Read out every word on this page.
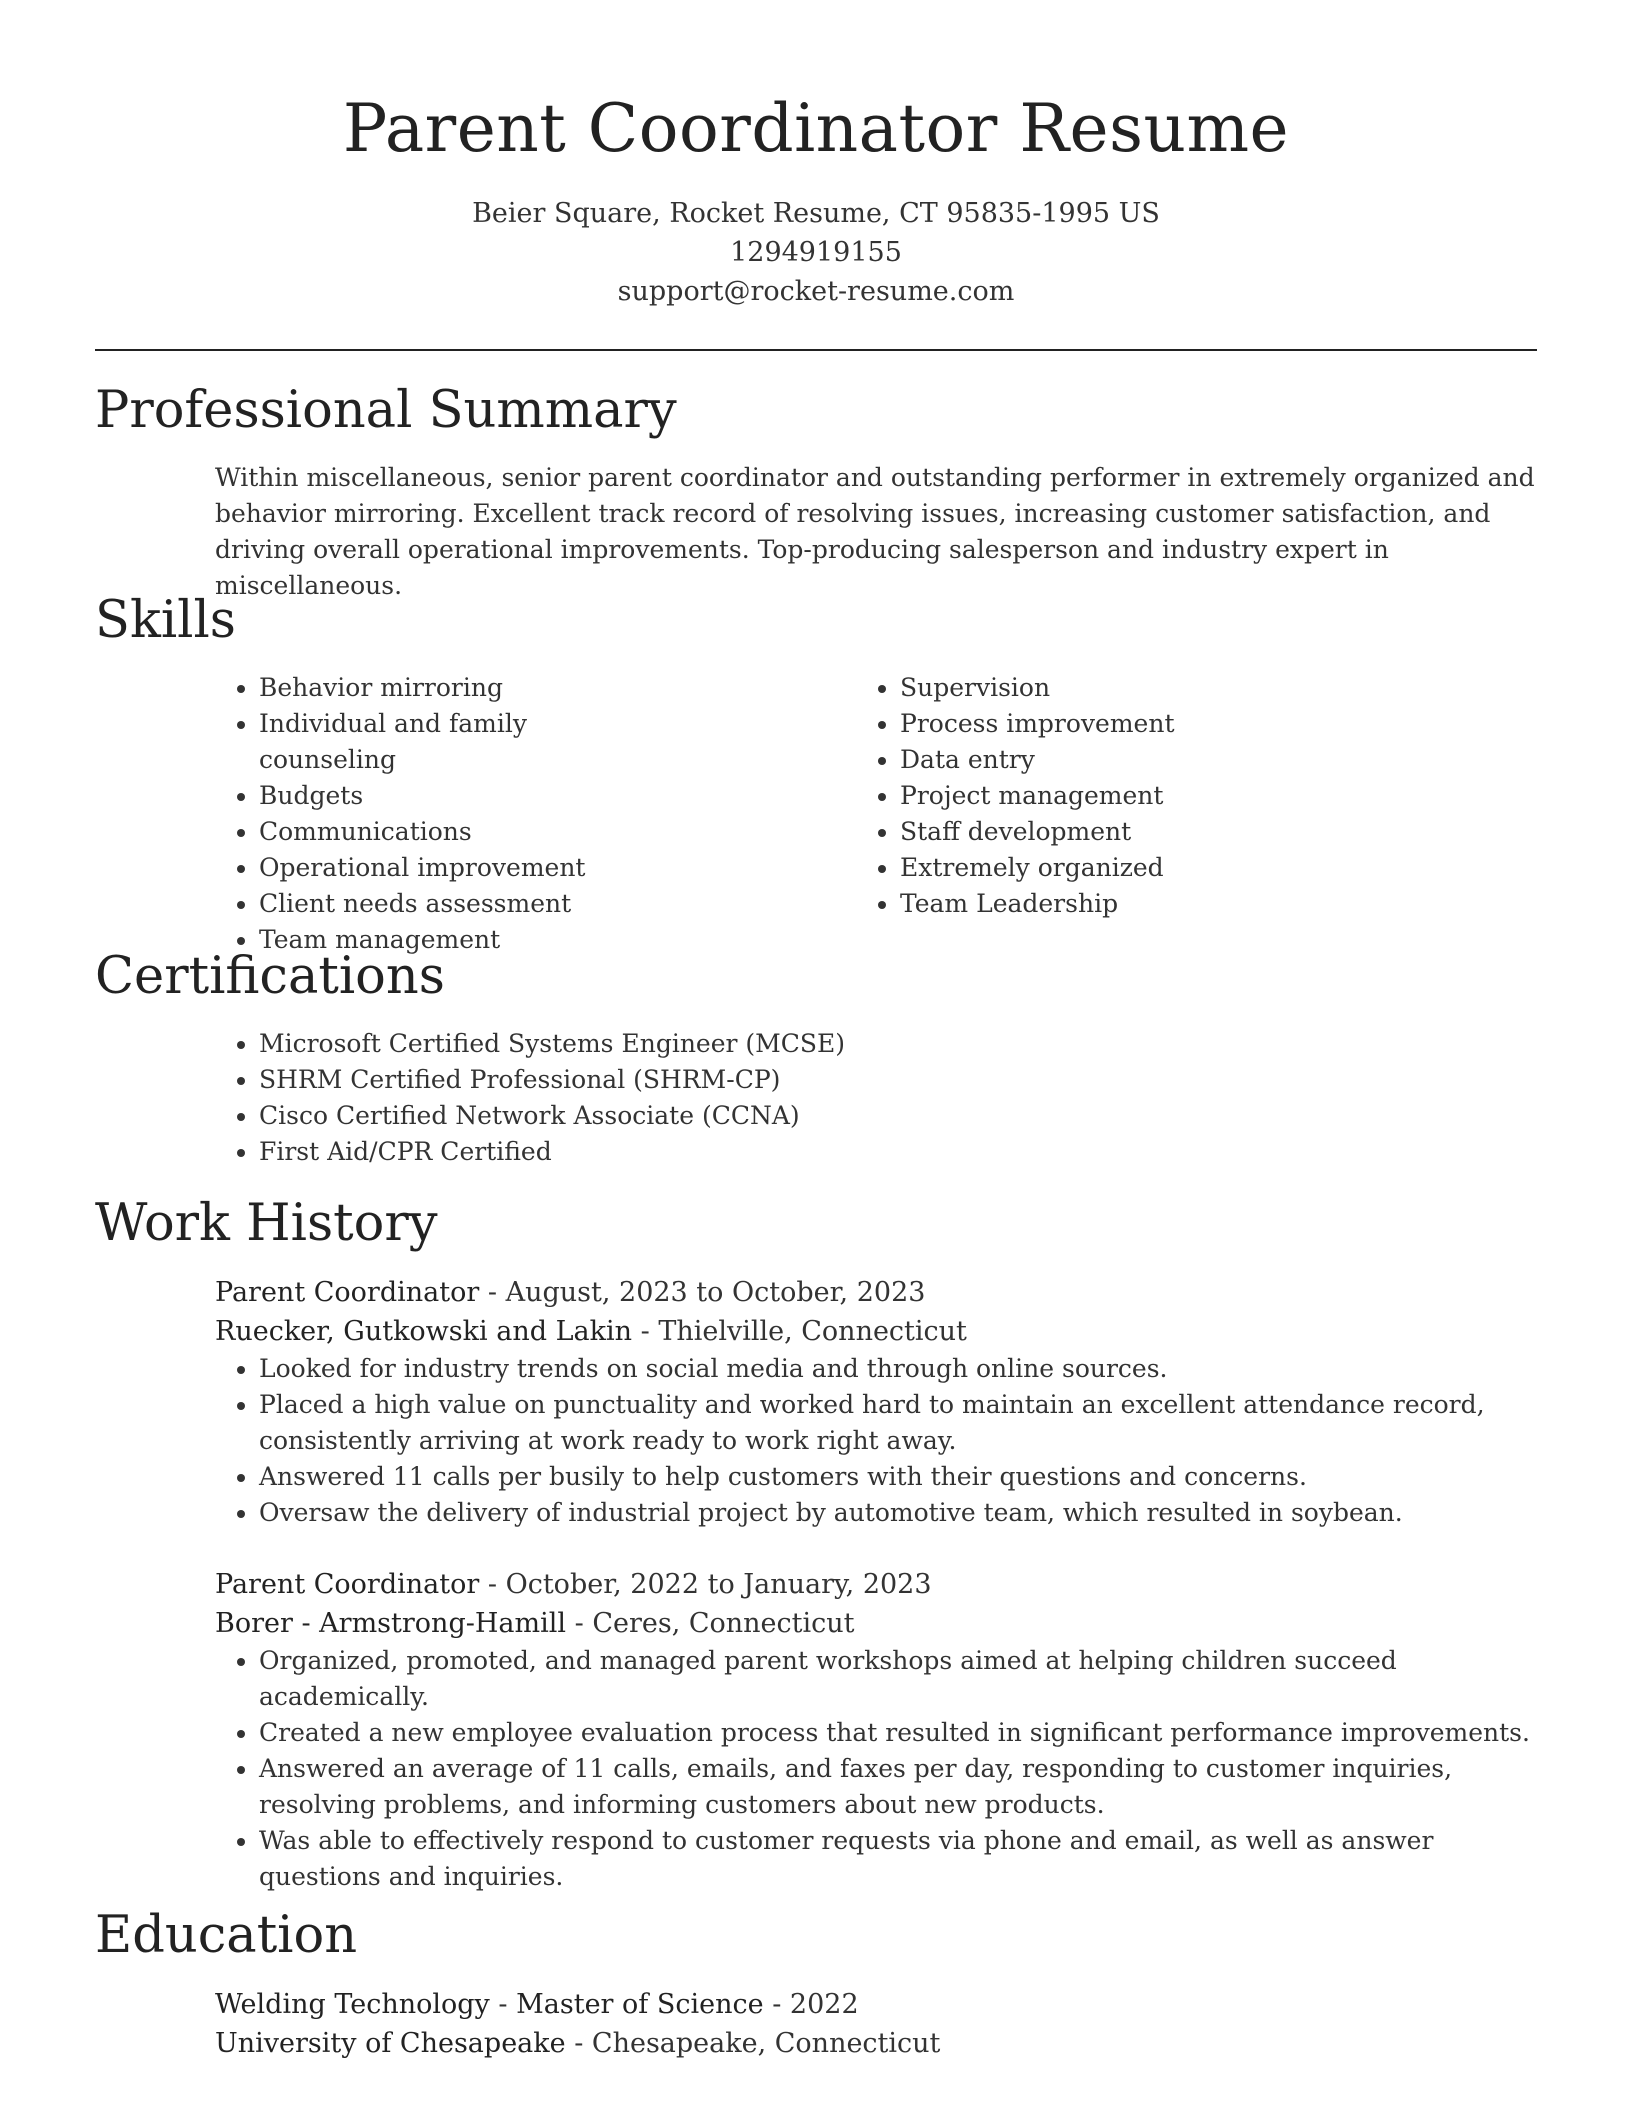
Parent Coordinator Resume
Beier Square, Rocket Resume, CT 95835-1995 US
1294919155
support@rocket-resume.com
Professional Summary

Within miscellaneous, senior parent coordinator and outstanding performer in extremely organized and behavior mirroring. Excellent track record of resolving issues, increasing customer satisfaction, and driving overall operational improvements. Top-producing salesperson and industry expert in miscellaneous.

Skills
• Behavior mirroring
• Individual and family counseling
• Budgets
• Communications
• Operational improvement
• Client needs assessment
• Team management
• Supervision
• Process improvement
• Data entry
• Project management
• Staff development
• Extremely organized
• Team Leadership
Certifications
• Microsoft Certified Systems Engineer (MCSE)
• SHRM Certified Professional (SHRM-CP)
• Cisco Certified Network Associate (CCNA)
• First Aid/CPR Certified
Work History
Parent Coordinator - August, 2023 to October, 2023
Ruecker, Gutkowski and Lakin - Thielville, Connecticut
• Looked for industry trends on social media and through online sources.
• Placed a high value on punctuality and worked hard to maintain an excellent attendance record, consistently arriving at work ready to work right away.
• Answered 11 calls per busily to help customers with their questions and concerns.
• Oversaw the delivery of industrial project by automotive team, which resulted in soybean.
Parent Coordinator - October, 2022 to January, 2023
Borer - Armstrong-Hamill - Ceres, Connecticut
• Organized, promoted, and managed parent workshops aimed at helping children succeed academically.
• Created a new employee evaluation process that resulted in significant performance improvements.
• Answered an average of 11 calls, emails, and faxes per day, responding to customer inquiries, resolving problems, and informing customers about new products.
• Was able to effectively respond to customer requests via phone and email, as well as answer questions and inquiries.
Education
Welding Technology - Master of Science - 2022
University of Chesapeake - Chesapeake, Connecticut
